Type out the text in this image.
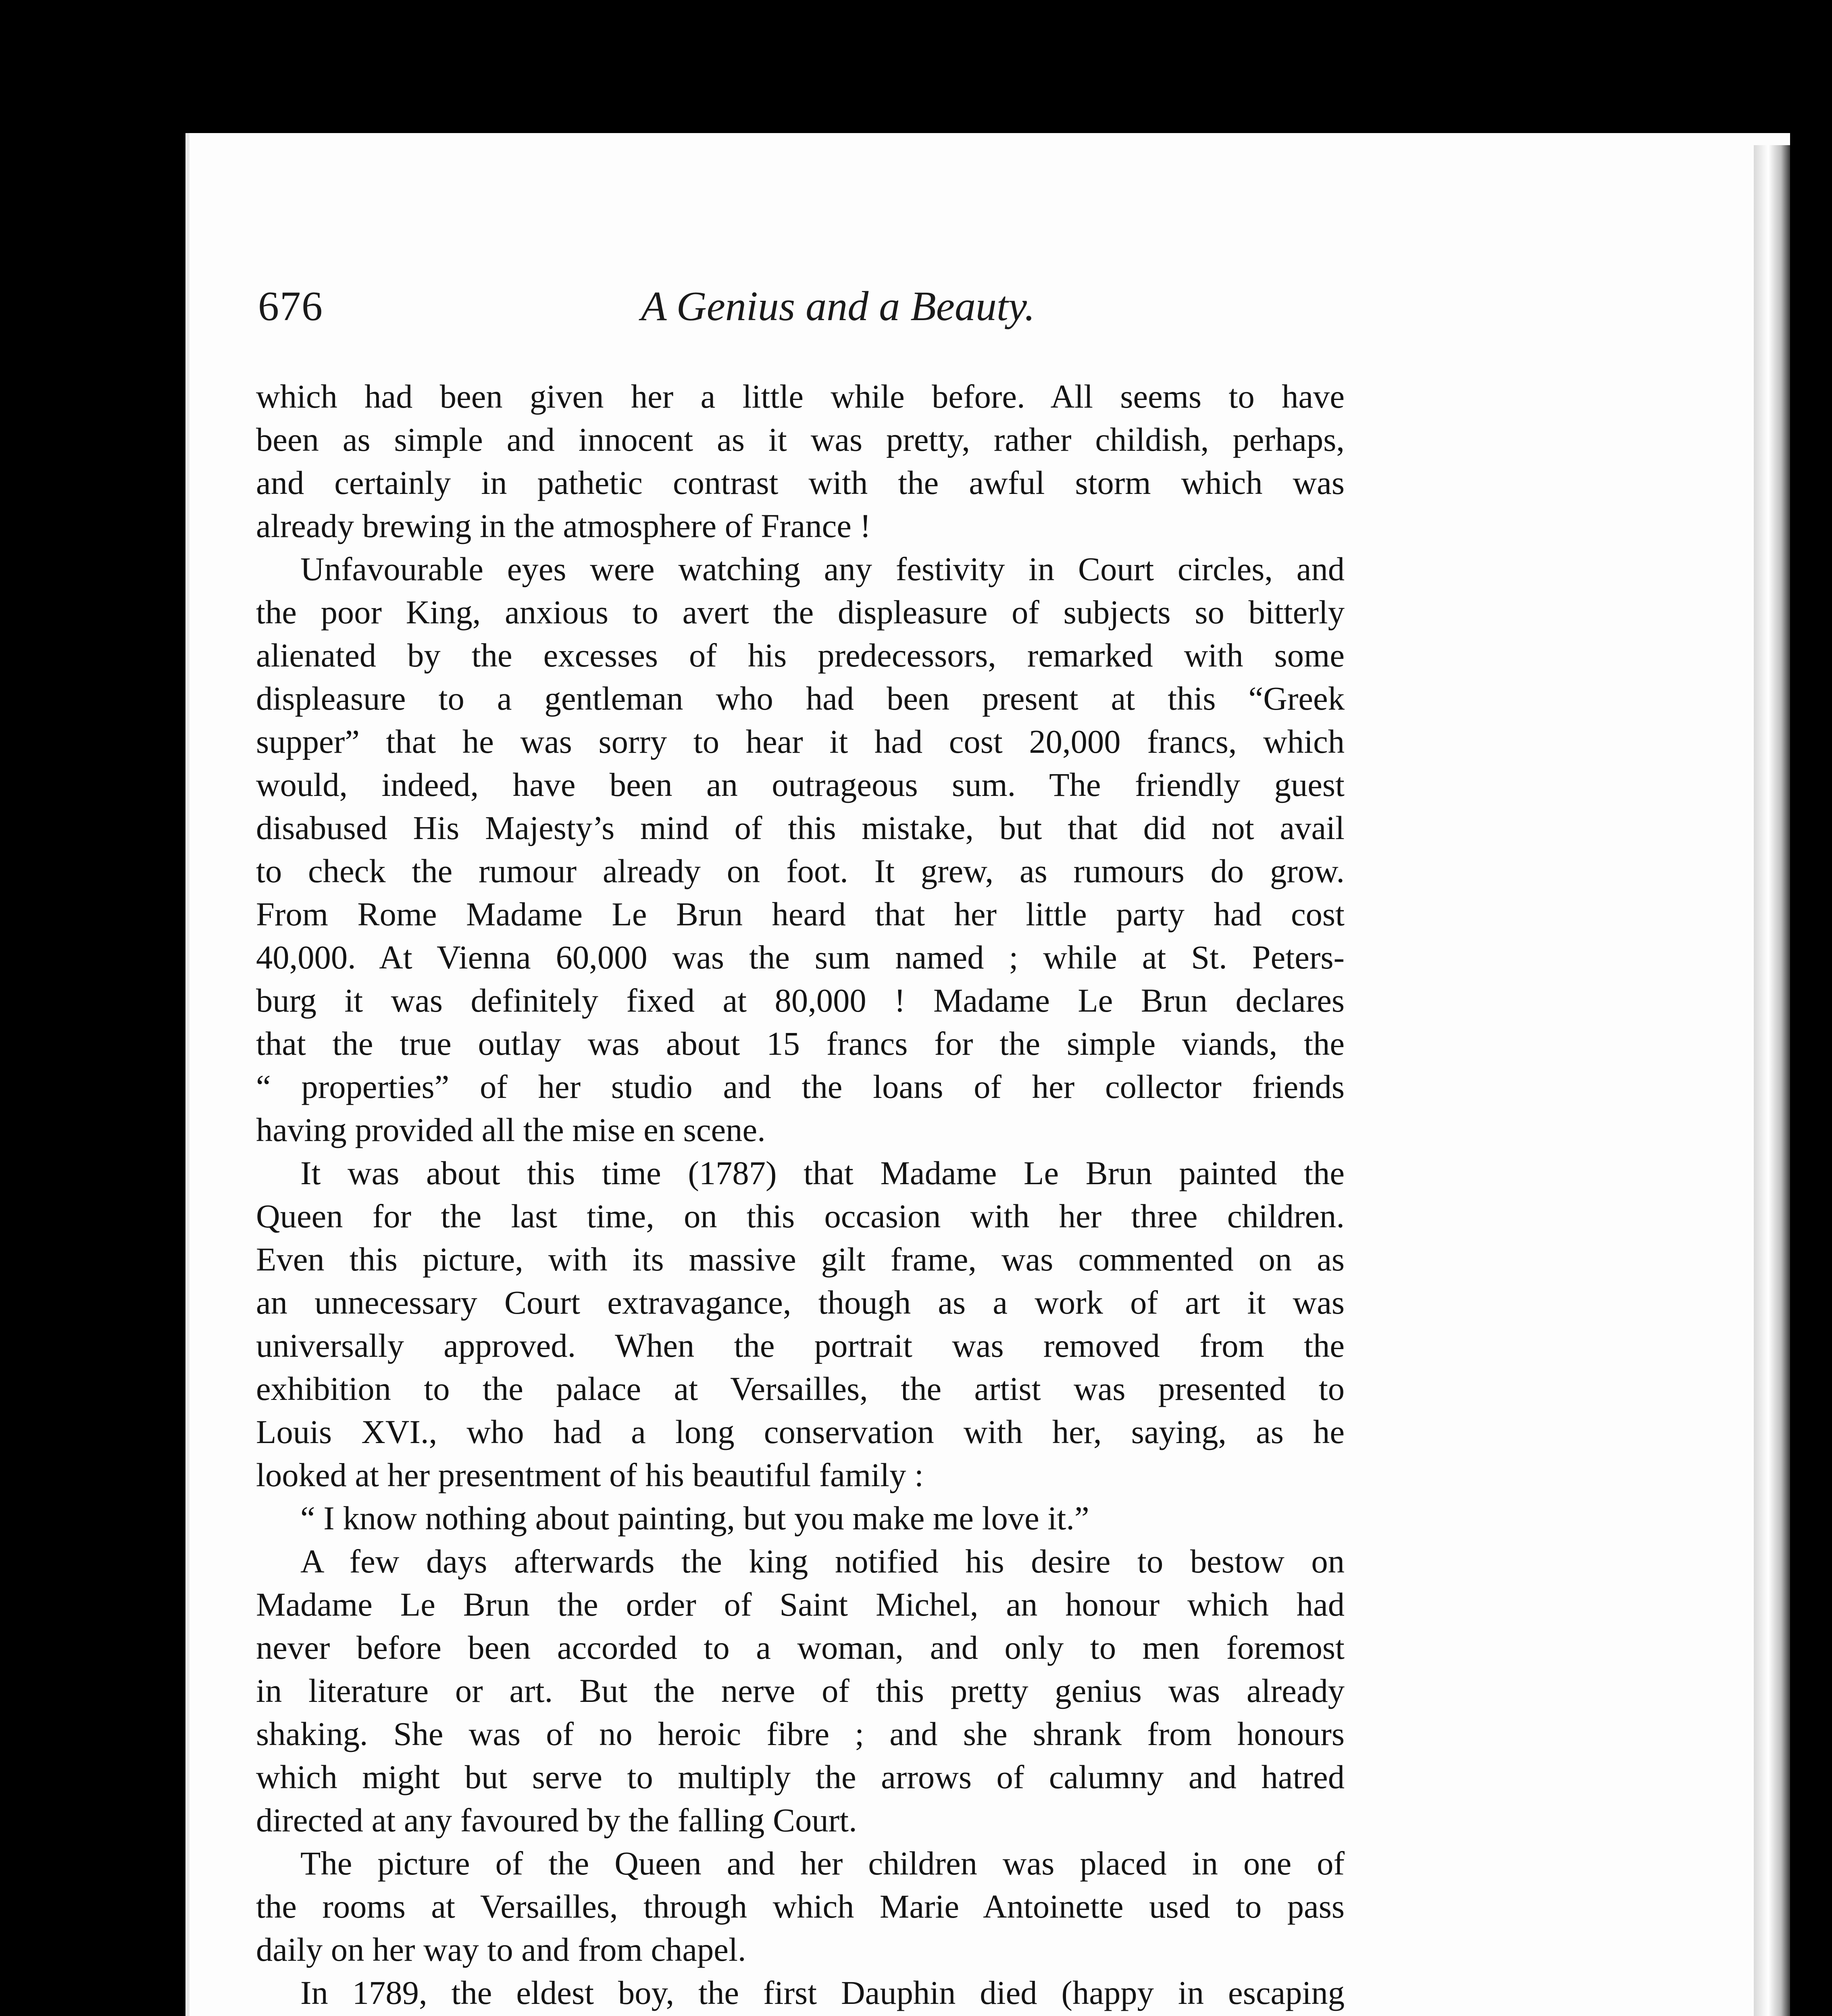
676	A Genius and a Beauty.
which had been given her a little while before. All seems to have
been as simple and innocent as it was pretty, rather childish, perhaps,
and certainly in pathetic contrast with the awful storm which was
already brewing in the atmosphere of France !
Unfavourable eyes were watching any festivity in Court circles, and
the poor King, anxious to avert the displeasure of subjects so bitterly
alienated by the excesses of his predecessors, remarked with some
displeasure to a gentleman who had been present at this “Greek
supper” that he was sorry to hear it had cost 20,000 francs, which
would, indeed, have been an outrageous sum. The friendly guest
disabused His Majesty’s mind of this mistake, but that did not avail
to check the rumour already on foot. It grew, as rumours do grow.
From Rome Madame Le Brun heard that her little party had cost
40,000. At Vienna 60,000 was the sum named ; while at St. Peters-
burg it was definitely fixed at 80,000 ! Madame Le Brun declares
that the true outlay was about 15 francs for the simple viands, the
“ properties” of her studio and the loans of her collector friends
having provided all the mise en scene.
It was about this time (1787) that Madame Le Brun painted the
Queen for the last time, on this occasion with her three children.
Even this picture, with its massive gilt frame, was commented on as
an unnecessary Court extravagance, though as a work of art it was
universally approved. When the portrait was removed from the
exhibition to the palace at Versailles, the artist was presented to
Louis XVI., who had a long conservation with her, saying, as he
looked at her presentment of his beautiful family :
“ I know nothing about painting, but you make me love it.”
A few days afterwards the king notified his desire to bestow on
Madame Le Brun the order of Saint Michel, an honour which had
never before been accorded to a woman, and only to men foremost
in literature or art. But the nerve of this pretty genius was already
shaking. She was of no heroic fibre ; and she shrank from honours
which might but serve to multiply the arrows of calumny and hatred
directed at any favoured by the falling Court.
The picture of the Queen and her children was placed in one of
the rooms at Versailles, through which Marie Antoinette used to pass
daily on her way to and from chapel.
In 1789, the eldest boy, the first Dauphin died (happy in escaping
